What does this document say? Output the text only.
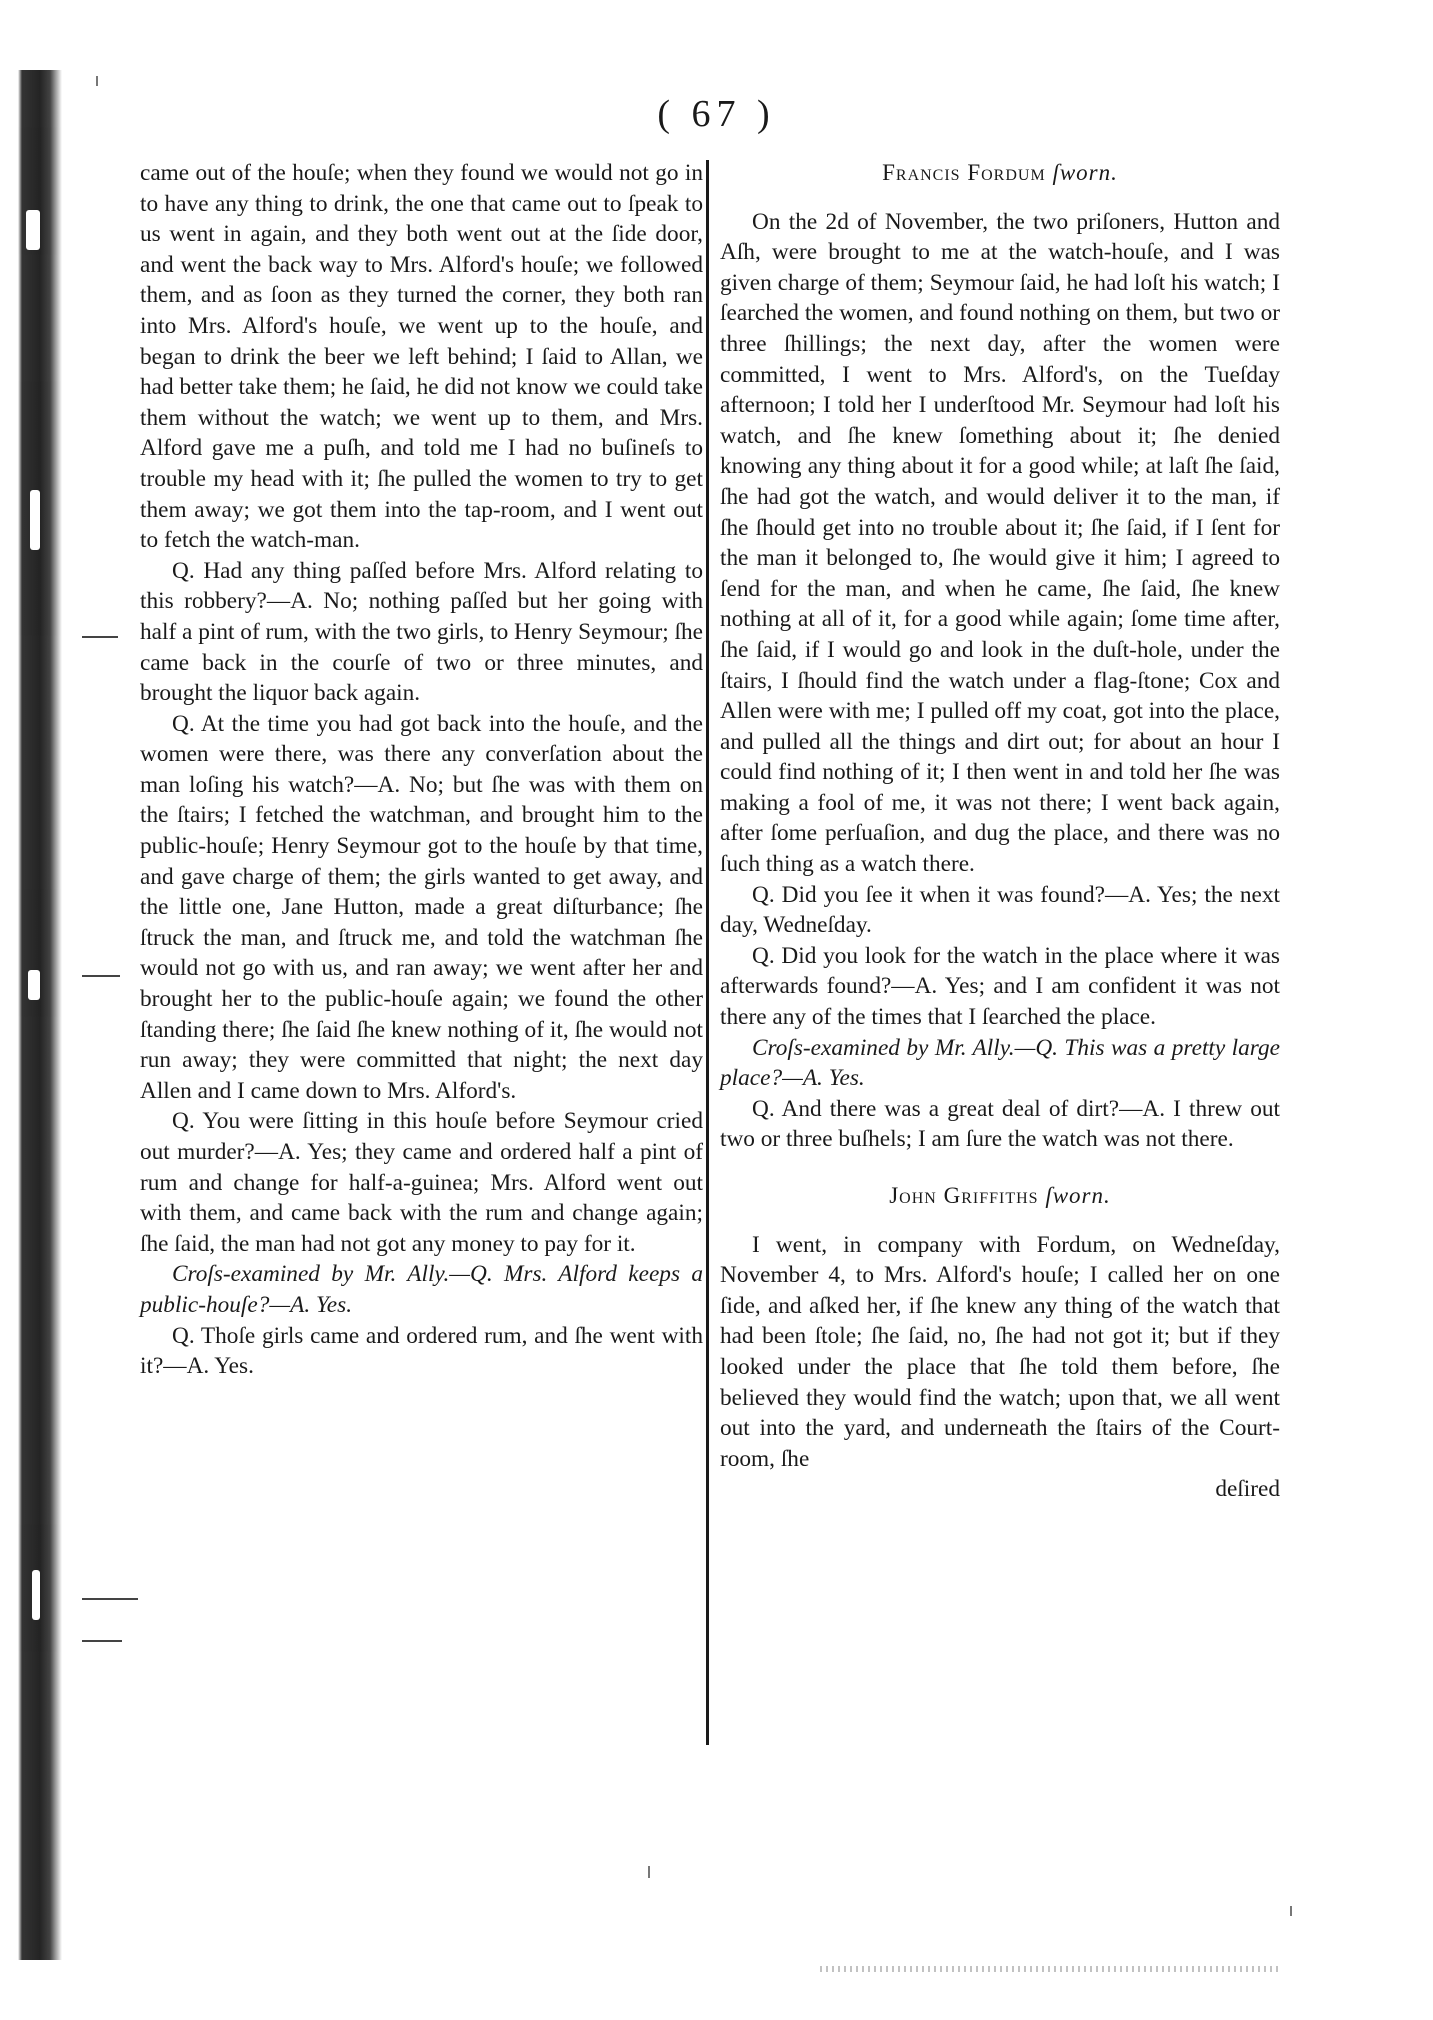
( 67 )

came out of the houſe; when they found we would not go in to have any thing to drink, the one that came out to ſpeak to us went in again, and they both went out at the ſide door, and went the back way to Mrs. Alford's houſe; we followed them, and as ſoon as they turned the corner, they both ran into Mrs. Alford's houſe, we went up to the houſe, and began to drink the beer we left behind; I ſaid to Allan, we had better take them; he ſaid, he did not know we could take them without the watch; we went up to them, and Mrs. Alford gave me a puſh, and told me I had no buſineſs to trouble my head with it; ſhe pulled the women to try to get them away; we got them into the tap-room, and I went out to fetch the watch-man.

Q. Had any thing paſſed before Mrs. Alford relating to this robbery?—A. No; nothing paſſed but her going with half a pint of rum, with the two girls, to Henry Seymour; ſhe came back in the courſe of two or three minutes, and brought the liquor back again.

Q. At the time you had got back into the houſe, and the women were there, was there any converſation about the man loſing his watch?—A. No; but ſhe was with them on the ſtairs; I fetched the watchman, and brought him to the public-houſe; Henry Seymour got to the houſe by that time, and gave charge of them; the girls wanted to get away, and the little one, Jane Hutton, made a great diſturbance; ſhe ſtruck the man, and ſtruck me, and told the watchman ſhe would not go with us, and ran away; we went after her and brought her to the public-houſe again; we found the other ſtanding there; ſhe ſaid ſhe knew nothing of it, ſhe would not run away; they were committed that night; the next day Allen and I came down to Mrs. Alford's.

Q. You were ſitting in this houſe before Seymour cried out murder?—A. Yes; they came and ordered half a pint of rum and change for half-a-guinea; Mrs. Alford went out with them, and came back with the rum and change again; ſhe ſaid, the man had not got any money to pay for it.

Croſs-examined by Mr. Ally.—Q. Mrs. Alford keeps a public-houſe?—A. Yes.

Q. Thoſe girls came and ordered rum, and ſhe went with it?—A. Yes.

Francis Fordum ſworn.

On the 2d of November, the two priſoners, Hutton and Aſh, were brought to me at the watch-houſe, and I was given charge of them; Seymour ſaid, he had loſt his watch; I ſearched the women, and found nothing on them, but two or three ſhillings; the next day, after the women were committed, I went to Mrs. Alford's, on the Tueſday afternoon; I told her I underſtood Mr. Seymour had loſt his watch, and ſhe knew ſomething about it; ſhe denied knowing any thing about it for a good while; at laſt ſhe ſaid, ſhe had got the watch, and would deliver it to the man, if ſhe ſhould get into no trouble about it; ſhe ſaid, if I ſent for the man it belonged to, ſhe would give it him; I agreed to ſend for the man, and when he came, ſhe ſaid, ſhe knew nothing at all of it, for a good while again; ſome time after, ſhe ſaid, if I would go and look in the duſt-hole, under the ſtairs, I ſhould find the watch under a flag-ſtone; Cox and Allen were with me; I pulled off my coat, got into the place, and pulled all the things and dirt out; for about an hour I could find nothing of it; I then went in and told her ſhe was making a fool of me, it was not there; I went back again, after ſome perſuaſion, and dug the place, and there was no ſuch thing as a watch there.

Q. Did you ſee it when it was found?—A. Yes; the next day, Wedneſday.

Q. Did you look for the watch in the place where it was afterwards found?—A. Yes; and I am confident it was not there any of the times that I ſearched the place.

Croſs-examined by Mr. Ally.—Q. This was a pretty large place?—A. Yes.

Q. And there was a great deal of dirt?—A. I threw out two or three buſhels; I am ſure the watch was not there.

John Griffiths ſworn.

I went, in company with Fordum, on Wedneſday, November 4, to Mrs. Alford's houſe; I called her on one ſide, and aſked her, if ſhe knew any thing of the watch that had been ſtole; ſhe ſaid, no, ſhe had not got it; but if they looked under the place that ſhe told them before, ſhe believed they would find the watch; upon that, we all went out into the yard, and underneath the ſtairs of the Court-room, ſhe

deſired
